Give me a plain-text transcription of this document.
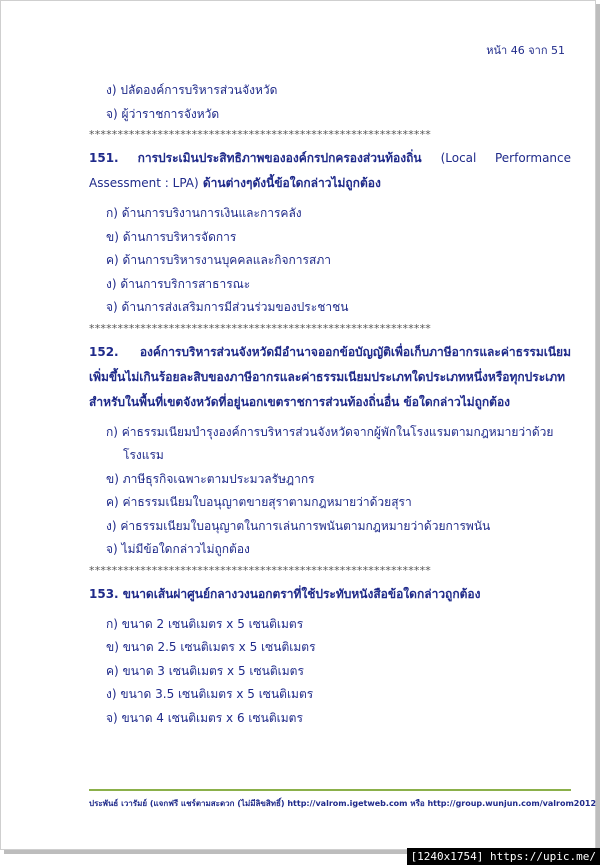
หน้า 46 จาก 51
ง) ปลัดองค์การบริหารส่วนจังหวัด
จ) ผู้ว่าราชการจังหวัด
************************************************************
151. การประเมินประสิทธิภาพขององค์กรปกครองส่วนท้องถิ่น (Local Performance Assessment : LPA) ด้านต่างๆดังนี้ข้อใดกล่าวไม่ถูกต้อง
ก) ด้านการบริงานการเงินและการคลัง
ข) ด้านการบริหารจัดการ
ค) ด้านการบริหารงานบุคคลและกิจการสภา
ง) ด้านการบริการสาธารณะ
จ) ด้านการส่งเสริมการมีส่วนร่วมของประชาชน
************************************************************
152. องค์การบริหารส่วนจังหวัดมีอำนาจออกข้อบัญญัติเพื่อเก็บภาษีอากรและค่าธรรมเนียมเพิ่มขึ้นไม่เกินร้อยละสิบของภาษีอากรและค่าธรรมเนียมประเภทใดประเภทหนึ่งหรือทุกประเภทสำหรับในพื้นที่เขตจังหวัดที่อยู่นอกเขตราชการส่วนท้องถิ่นอื่น ข้อใดกล่าวไม่ถูกต้อง
ก) ค่าธรรมเนียมบำรุงองค์การบริหารส่วนจังหวัดจากผู้พักในโรงแรมตามกฎหมายว่าด้วย
โรงแรม
ข) ภาษีธุรกิจเฉพาะตามประมวลรัษฎากร
ค) ค่าธรรมเนียมใบอนุญาตขายสุราตามกฎหมายว่าด้วยสุรา
ง) ค่าธรรมเนียมใบอนุญาตในการเล่นการพนันตามกฎหมายว่าด้วยการพนัน
จ) ไม่มีข้อใดกล่าวไม่ถูกต้อง
************************************************************
153. ขนาดเส้นผ่าศูนย์กลางวงนอกตราที่ใช้ประทับหนังสือข้อใดกล่าวถูกต้อง
ก) ขนาด 2 เซนติเมตร x 5 เซนติเมตร
ข) ขนาด 2.5 เซนติเมตร x 5 เซนติเมตร
ค) ขนาด 3 เซนติเมตร x 5 เซนติเมตร
ง) ขนาด 3.5 เซนติเมตร x 5 เซนติเมตร
จ) ขนาด 4 เซนติเมตร x 6 เซนติเมตร
ประพันธ์ เวารัมย์ (แจกฟรี แชร์ตามสะดวก (ไม่มีลิขสิทธิ์) http://valrom.igetweb.com หรือ http://group.wunjun.com/valrom2012
[1240x1754] https://upic.me/
